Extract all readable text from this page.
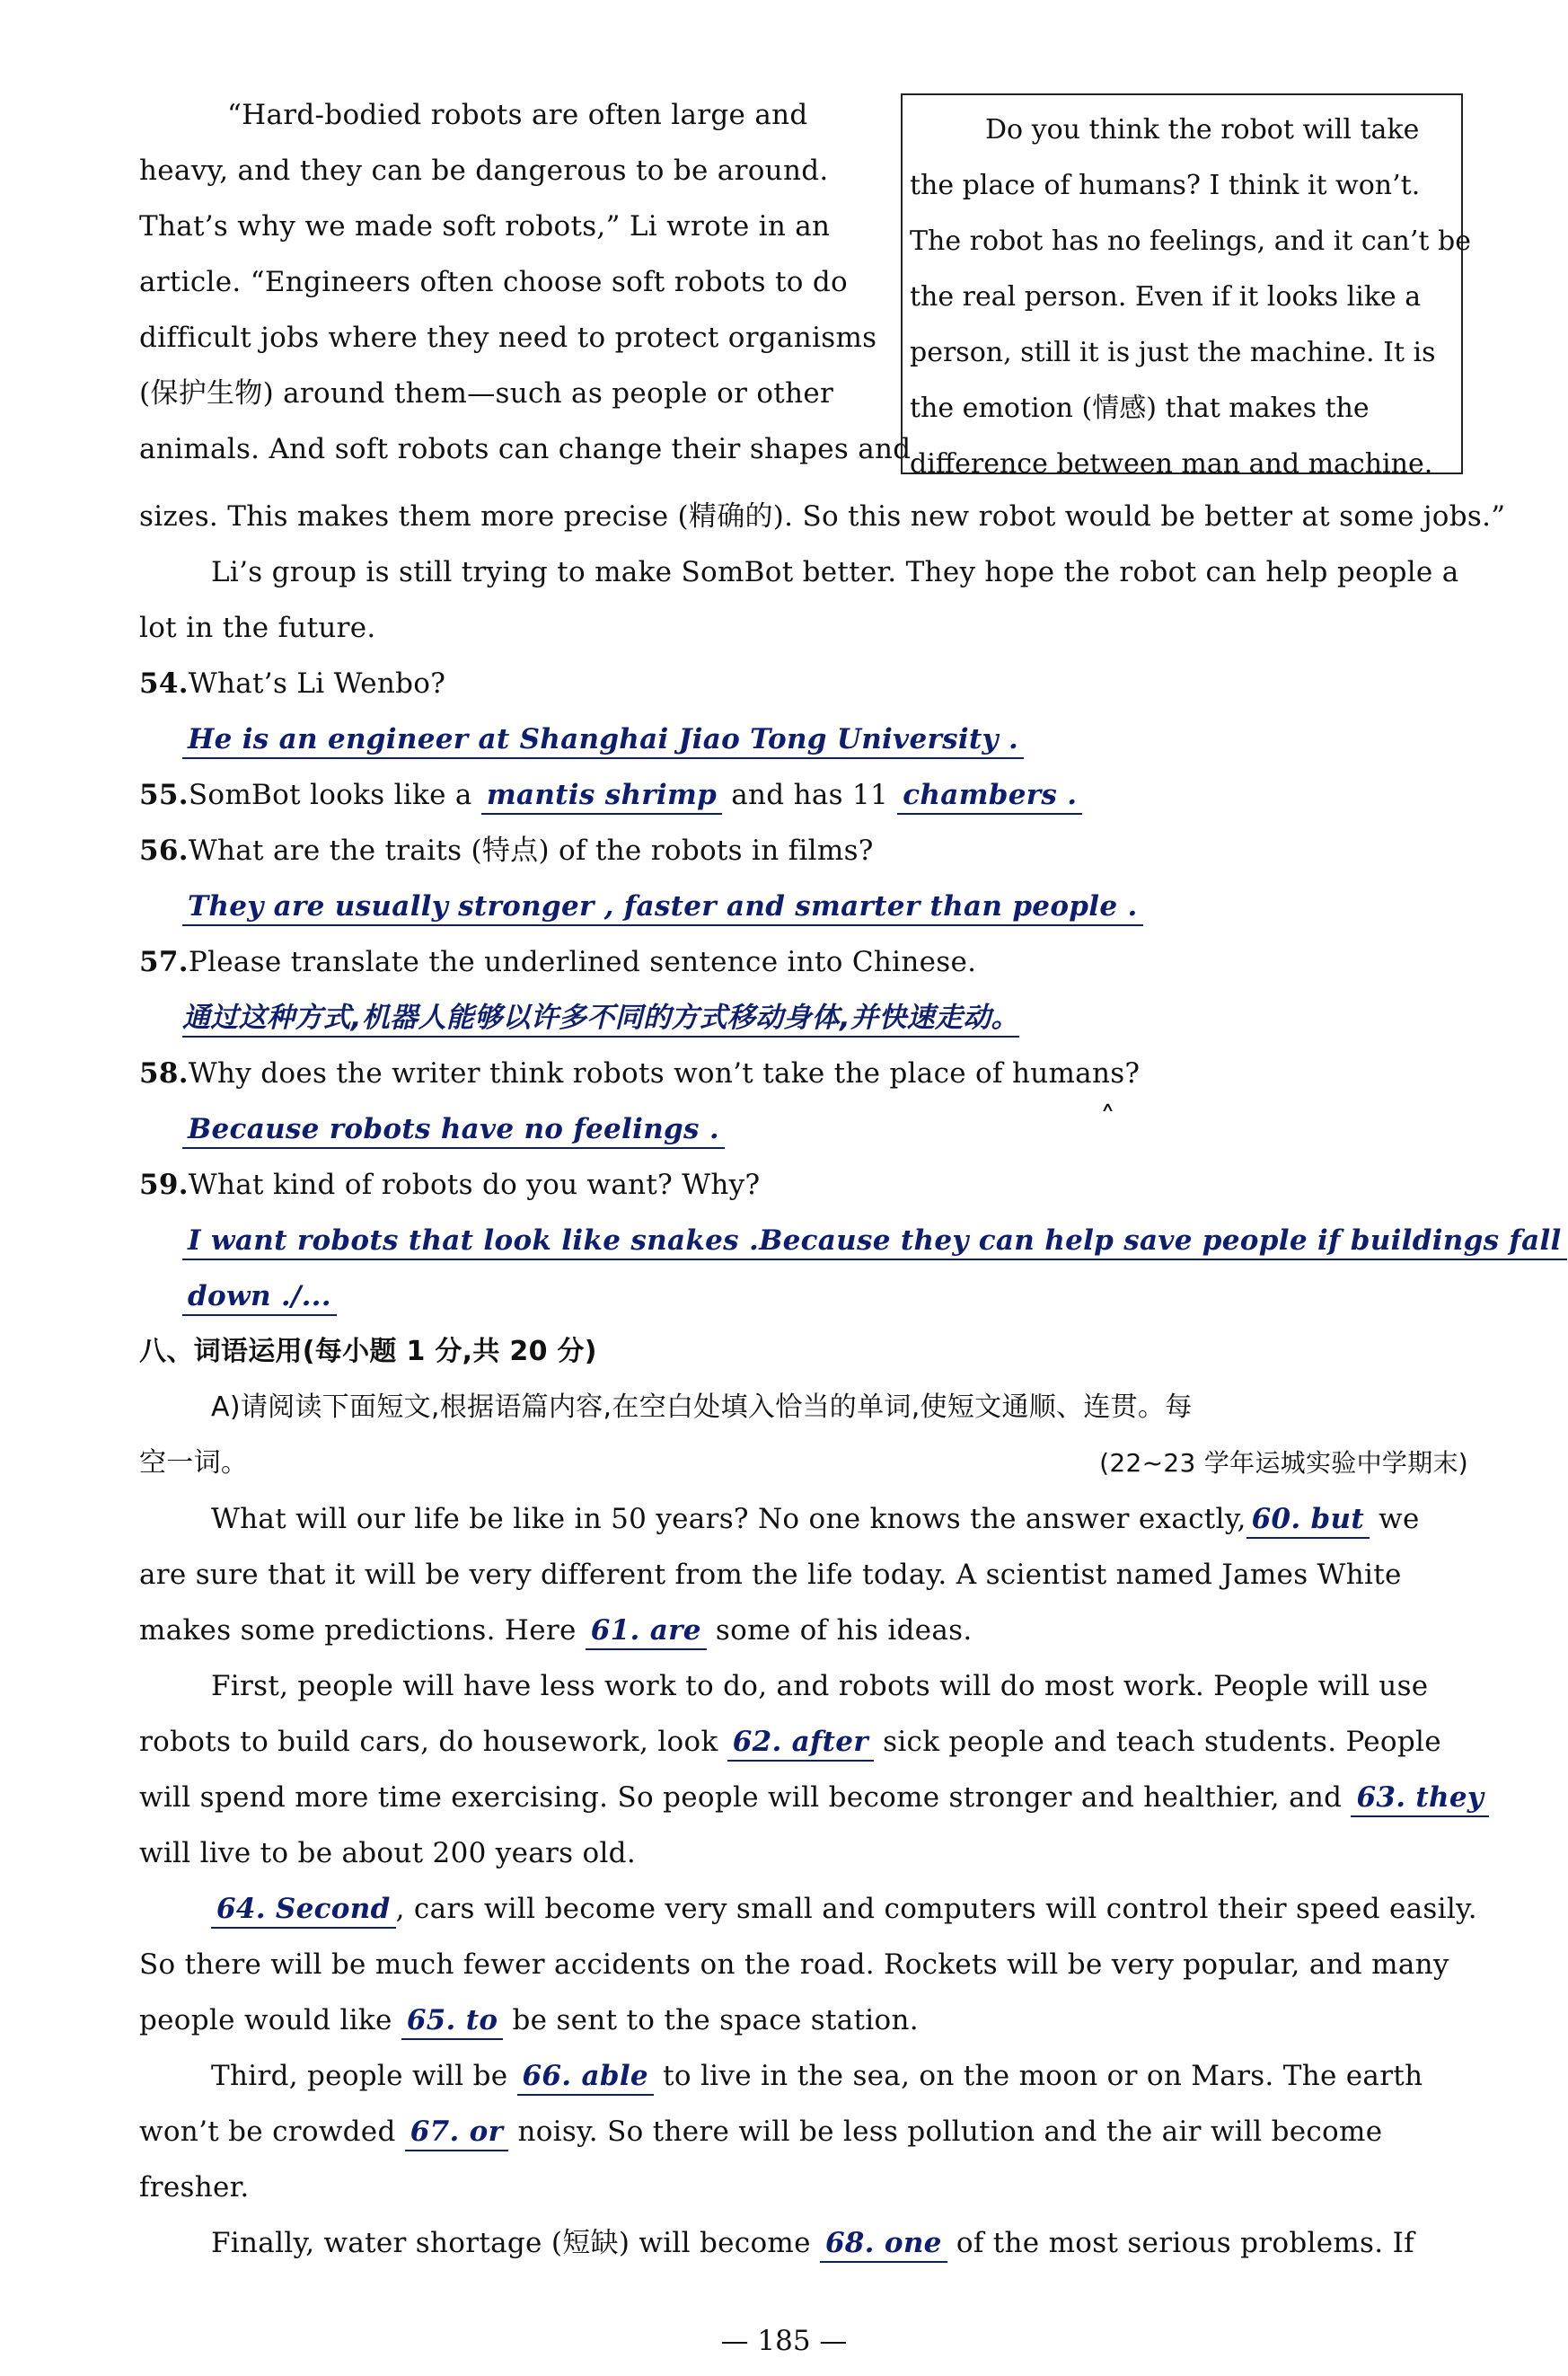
“Hard-bodied robots are often large and
heavy, and they can be dangerous to be around.
That’s why we made soft robots,” Li wrote in an
article. “Engineers often choose soft robots to do
difficult jobs where they need to protect organisms
(保护生物) around them—such as people or other
animals. And soft robots can change their shapes and
Do you think the robot will take
the place of humans? I think it won’t.
The robot has no feelings, and it can’t be
the real person. Even if it looks like a
person, still it is just the machine. It is
the emotion (情感) that makes the
difference between man and machine.
sizes. This makes them more precise (精确的). So this new robot would be better at some jobs.”
Li’s group is still trying to make SomBot better. They hope the robot can help people a
lot in the future.
54.What’s Li Wenbo?
He is an engineer at Shanghai Jiao Tong University .
55.SomBot looks like a mantis shrimp and has 11 chambers .
56.What are the traits (特点) of the robots in films?
They are usually stronger , faster and smarter than people .
57.Please translate the underlined sentence into Chinese.
通过这种方式,机器人能够以许多不同的方式移动身体,并快速走动。
58.Why does the writer think robots won’t take the place of humans?
Because robots have no feelings .
59.What kind of robots do you want? Why?
I want robots that look like snakes .Because they can help save people if buildings fall
down ./...
八、词语运用(每小题 1 分,共 20 分)
A)请阅读下面短文,根据语篇内容,在空白处填入恰当的单词,使短文通顺、连贯。每
空一词。	(22~23 学年运城实验中学期末)
What will our life be like in 50 years? No one knows the answer exactly, 60. but we
are sure that it will be very different from the life today. A scientist named James White
makes some predictions. Here 61. are some of his ideas.
First, people will have less work to do, and robots will do most work. People will use
robots to build cars, do housework, look 62. after sick people and teach students. People
will spend more time exercising. So people will become stronger and healthier, and 63. they
will live to be about 200 years old.
64. Second , cars will become very small and computers will control their speed easily.
So there will be much fewer accidents on the road. Rockets will be very popular, and many
people would like 65. to be sent to the space station.
Third, people will be 66. able to live in the sea, on the moon or on Mars. The earth
won’t be crowded 67. or noisy. So there will be less pollution and the air will become
fresher.
Finally, water shortage (短缺) will become 68. one of the most serious problems. If
˄
— 185 —
